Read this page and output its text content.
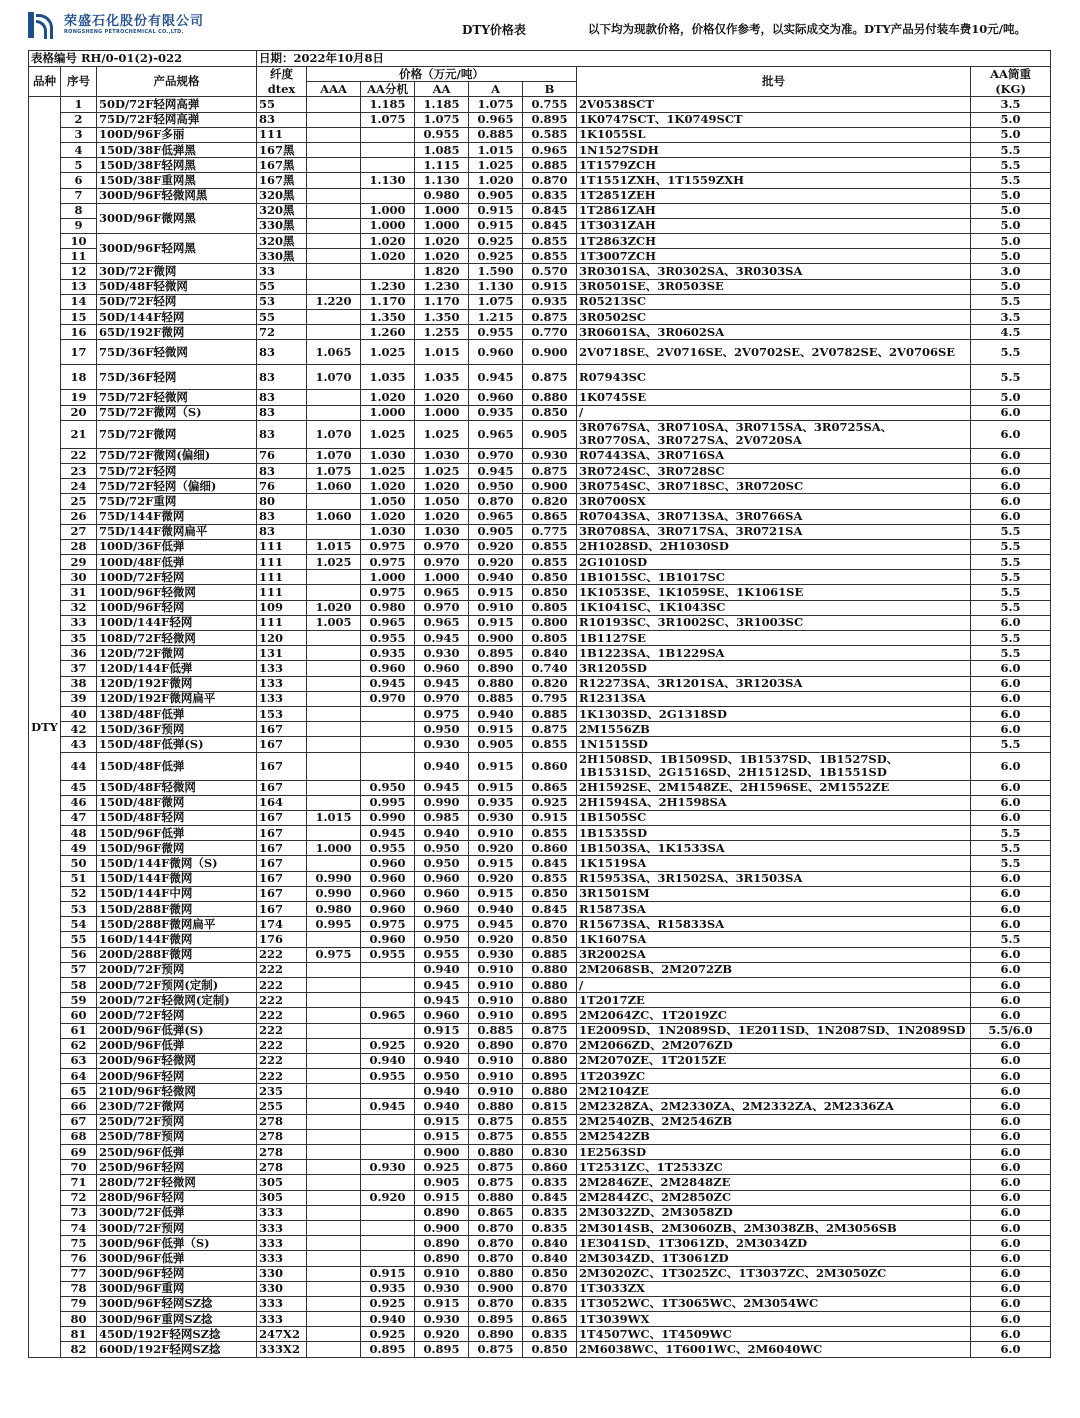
荣盛石化股份有限公司
RONGSHENG PETROCHEMICAL CO.,LTD.	DTY价格表	以下均为现款价格，价格仅作参考，以实际成交为准。DTY产品另付装车费10元/吨。
表格编号 RH/0-01(2)-022			日期：2022年10月8日							
品种	序号	产品规格	纤度	价格（万元/吨）					批号	AA筒重
			dtex	AAA	AA分机	AA	A	B		(KG)
DTY	1	50D/72F轻网高弹	55		1.185	1.185	1.075	0.755	2V0538SCT	3.5
	2	75D/72F轻网高弹	83		1.075	1.075	0.965	0.895	1K0747SCT、1K0749SCT	5.0
	3	100D/96F多丽	111			0.955	0.885	0.585	1K1055SL	5.0
	4	150D/38F低弹黑	167黑			1.085	1.015	0.965	1N1527SDH	5.5
	5	150D/38F轻网黑	167黑			1.115	1.025	0.885	1T1579ZCH	5.5
	6	150D/38F重网黑	167黑		1.130	1.130	1.020	0.870	1T1551ZXH、1T1559ZXH	5.5
	7	300D/96F轻微网黑	320黑			0.980	0.905	0.835	1T2851ZEH	5.0
	8	300D/96F微网黑	320黑		1.000	1.000	0.915	0.845	1T2861ZAH	5.0
	9		330黑		1.000	1.000	0.915	0.845	1T3031ZAH	5.0
	10	300D/96F轻网黑	320黑		1.020	1.020	0.925	0.855	1T2863ZCH	5.0
	11		330黑		1.020	1.020	0.925	0.855	1T3007ZCH	5.0
	12	30D/72F微网	33			1.820	1.590	0.570	3R0301SA、3R0302SA、3R0303SA	3.0
	13	50D/48F轻微网	55		1.230	1.230	1.130	0.915	3R0501SE、3R0503SE	5.0
	14	50D/72F轻网	53	1.220	1.170	1.170	1.075	0.935	R05213SC	5.5
	15	50D/144F轻网	55		1.350	1.350	1.215	0.875	3R0502SC	3.5
	16	65D/192F微网	72		1.260	1.255	0.955	0.770	3R0601SA、3R0602SA	4.5
	17	75D/36F轻微网	83	1.065	1.025	1.015	0.960	0.900	2V0718SE、2V0716SE、2V0702SE、2V0782SE、2V0706SE	5.5
	18	75D/36F轻网	83	1.070	1.035	1.035	0.945	0.875	R07943SC	5.5
	19	75D/72F轻微网	83		1.020	1.020	0.960	0.880	1K0745SE	5.0
	20	75D/72F微网（S)	83		1.000	1.000	0.935	0.850	/	6.0
	21	75D/72F微网	83	1.070	1.025	1.025	0.965	0.905	3R0767SA、3R0710SA、3R0715SA、3R0725SA、3R0770SA、3R0727SA、2V0720SA	6.0
	22	75D/72F微网(偏细)	76	1.070	1.030	1.030	0.970	0.930	R07443SA、3R0716SA	6.0
	23	75D/72F轻网	83	1.075	1.025	1.025	0.945	0.875	3R0724SC、3R0728SC	6.0
	24	75D/72F轻网（偏细)	76	1.060	1.020	1.020	0.950	0.900	3R0754SC、3R0718SC、3R0720SC	6.0
	25	75D/72F重网	80		1.050	1.050	0.870	0.820	3R0700SX	6.0
	26	75D/144F微网	83	1.060	1.020	1.020	0.965	0.865	R07043SA、3R0713SA、3R0766SA	6.0
	27	75D/144F微网扁平	83		1.030	1.030	0.905	0.775	3R0708SA、3R0717SA、3R0721SA	5.5
	28	100D/36F低弹	111	1.015	0.975	0.970	0.920	0.855	2H1028SD、2H1030SD	5.5
	29	100D/48F低弹	111	1.025	0.975	0.970	0.920	0.855	2G1010SD	5.5
	30	100D/72F轻网	111		1.000	1.000	0.940	0.850	1B1015SC、1B1017SC	5.5
	31	100D/96F轻微网	111		0.975	0.965	0.915	0.850	1K1053SE、1K1059SE、1K1061SE	5.5
	32	100D/96F轻网	109	1.020	0.980	0.970	0.910	0.805	1K1041SC、1K1043SC	5.5
	33	100D/144F轻网	111	1.005	0.965	0.965	0.915	0.800	R10193SC、3R1002SC、3R1003SC	6.0
	35	108D/72F轻微网	120		0.955	0.945	0.900	0.805	1B1127SE	5.5
	36	120D/72F微网	131		0.935	0.930	0.895	0.840	1B1223SA、1B1229SA	5.5
	37	120D/144F低弹	133		0.960	0.960	0.890	0.740	3R1205SD	6.0
	38	120D/192F微网	133		0.945	0.945	0.880	0.820	R12273SA、3R1201SA、3R1203SA	6.0
	39	120D/192F微网扁平	133		0.970	0.970	0.885	0.795	R12313SA	6.0
	40	138D/48F低弹	153			0.975	0.940	0.885	1K1303SD、2G1318SD	6.0
	42	150D/36F预网	167			0.950	0.915	0.875	2M1556ZB	6.0
	43	150D/48F低弹(S)	167			0.930	0.905	0.855	1N1515SD	5.5
	44	150D/48F低弹	167			0.940	0.915	0.860	2H1508SD、1B1509SD、1B1537SD、1B1527SD、1B1531SD、2G1516SD、2H1512SD、1B1551SD	6.0
	45	150D/48F轻微网	167		0.950	0.945	0.915	0.865	2H1592SE、2M1548ZE、2H1596SE、2M1552ZE	6.0
	46	150D/48F微网	164		0.995	0.990	0.935	0.925	2H1594SA、2H1598SA	6.0
	47	150D/48F轻网	167	1.015	0.990	0.985	0.930	0.915	1B1505SC	6.0
	48	150D/96F低弹	167		0.945	0.940	0.910	0.855	1B1535SD	5.5
	49	150D/96F微网	167	1.000	0.955	0.950	0.920	0.860	1B1503SA、1K1533SA	5.5
	50	150D/144F微网（S)	167		0.960	0.950	0.915	0.845	1K1519SA	5.5
	51	150D/144F微网	167	0.990	0.960	0.960	0.920	0.855	R15953SA、3R1502SA、3R1503SA	6.0
	52	150D/144F中网	167	0.990	0.960	0.960	0.915	0.850	3R1501SM	6.0
	53	150D/288F微网	167	0.980	0.960	0.960	0.940	0.845	R15873SA	6.0
	54	150D/288F微网扁平	174	0.995	0.975	0.975	0.945	0.870	R15673SA、R15833SA	6.0
	55	160D/144F微网	176		0.960	0.950	0.920	0.850	1K1607SA	5.5
	56	200D/288F微网	222	0.975	0.955	0.955	0.930	0.885	3R2002SA	6.0
	57	200D/72F预网	222			0.940	0.910	0.880	2M2068SB、2M2072ZB	6.0
	58	200D/72F预网(定制)	222			0.945	0.910	0.880	/	6.0
	59	200D/72F轻微网(定制)	222			0.945	0.910	0.880	1T2017ZE	6.0
	60	200D/72F轻网	222		0.965	0.960	0.910	0.895	2M2064ZC、1T2019ZC	6.0
	61	200D/96F低弹(S)	222			0.915	0.885	0.875	1E2009SD、1N2089SD、1E2011SD、1N2087SD、1N2089SD	5.5/6.0
	62	200D/96F低弹	222		0.925	0.920	0.890	0.870	2M2066ZD、2M2076ZD	6.0
	63	200D/96F轻微网	222		0.940	0.940	0.910	0.880	2M2070ZE、1T2015ZE	6.0
	64	200D/96F轻网	222		0.955	0.950	0.910	0.895	1T2039ZC	6.0
	65	210D/96F轻微网	235			0.940	0.910	0.880	2M2104ZE	6.0
	66	230D/72F微网	255		0.945	0.940	0.880	0.815	2M2328ZA、2M2330ZA、2M2332ZA、2M2336ZA	6.0
	67	250D/72F预网	278			0.915	0.875	0.855	2M2540ZB、2M2546ZB	6.0
	68	250D/78F预网	278			0.915	0.875	0.855	2M2542ZB	6.0
	69	250D/96F低弹	278			0.900	0.880	0.830	1E2563SD	6.0
	70	250D/96F轻网	278		0.930	0.925	0.875	0.860	1T2531ZC、1T2533ZC	6.0
	71	280D/72F轻微网	305			0.905	0.875	0.835	2M2846ZE、2M2848ZE	6.0
	72	280D/96F轻网	305		0.920	0.915	0.880	0.845	2M2844ZC、2M2850ZC	6.0
	73	300D/72F低弹	333			0.890	0.865	0.835	2M3032ZD、2M3058ZD	6.0
	74	300D/72F预网	333			0.900	0.870	0.835	2M3014SB、2M3060ZB、2M3038ZB、2M3056SB	6.0
	75	300D/96F低弹（S)	333			0.890	0.870	0.840	1E3041SD、1T3061ZD、2M3034ZD	6.0
	76	300D/96F低弹	333			0.890	0.870	0.840	2M3034ZD、1T3061ZD	6.0
	77	300D/96F轻网	330		0.915	0.910	0.880	0.850	2M3020ZC、1T3025ZC、1T3037ZC、2M3050ZC	6.0
	78	300D/96F重网	330		0.935	0.930	0.900	0.870	1T3033ZX	6.0
	79	300D/96F轻网SZ捻	333		0.925	0.915	0.870	0.835	1T3052WC、1T3065WC、2M3054WC	6.0
	80	300D/96F重网SZ捻	333		0.940	0.930	0.895	0.865	1T3039WX	6.0
	81	450D/192F轻网SZ捻	247X2		0.925	0.920	0.890	0.835	1T4507WC、1T4509WC	6.0
	82	600D/192F轻网SZ捻	333X2		0.895	0.895	0.875	0.850	2M6038WC、1T6001WC、2M6040WC	6.0
